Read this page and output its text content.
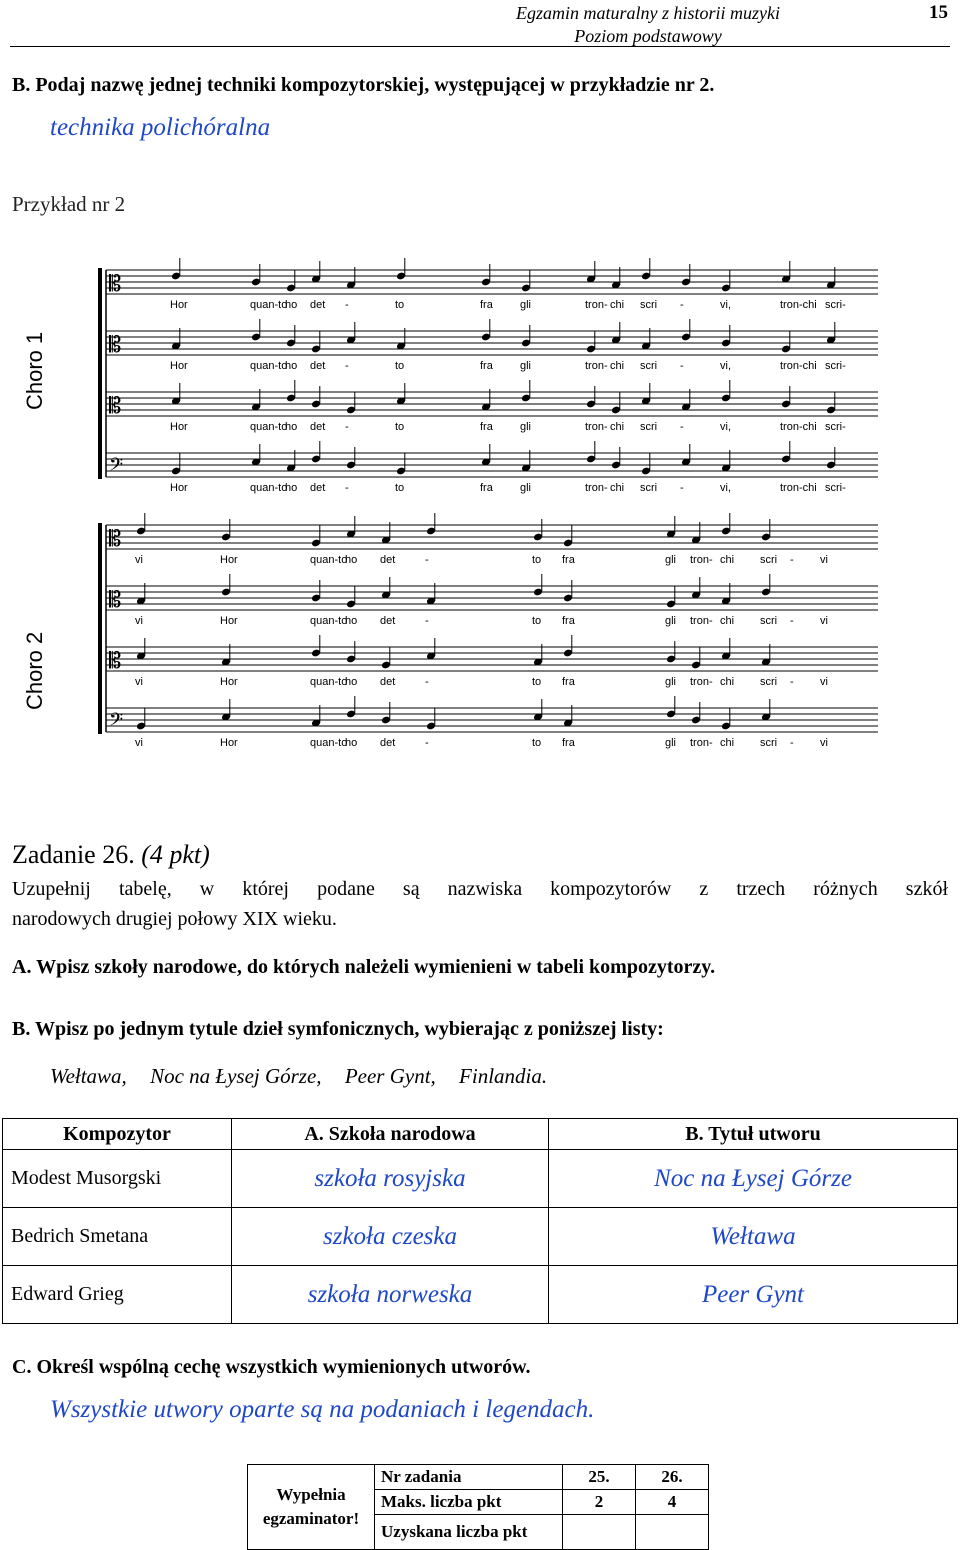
Egzamin maturalny z historii muzyki
Poziom podstawowy
15
B. Podaj nazwę jednej techniki kompozytorskiej, występującej w przykładzie nr 2.
technika polichóralna
Przykład nr 2
Choro 1
Choro 2
𝄡
𝄡
𝄡
𝄢
𝄡
𝄡
𝄡
𝄢
Hor	quan-to
ho det -	to	fra gli	tron- chi scri -	vi,	tron-chi scri-
Hor	quan-to
ho det -	to	fra gli	tron- chi scri -	vi,	tron-chi scri-
Hor	quan-to
ho det -	to	fra gli	tron- chi scri -	vi,	tron-chi scri-
Hor	quan-to
ho det -	to	fra gli	tron- chi scri -	vi,	tron-chi scri-
vi	Hor	quan-to
ho det	-	to fra	gli tron- chi scri - vi
vi	Hor	quan-to
ho det	-	to fra	gli tron- chi scri - vi
vi	Hor	quan-to
ho det	-	to fra	gli tron- chi scri - vi
vi	Hor	quan-to
ho det	-	to fra	gli tron- chi scri - vi
Zadanie 26. (4 pkt)
Uzupełnij tabelę, w której podane są nazwiska kompozytorów z trzech różnych szkół
narodowych drugiej połowy XIX wieku.
A. Wpisz szkoły narodowe, do których należeli wymienieni w tabeli kompozytorzy.
B. Wpisz po jednym tytule dzieł symfonicznych, wybierając z poniższej listy:
Wełtawa, Noc na Łysej Górze, Peer Gynt, Finlandia.
Kompozytor	A. Szkoła narodowa	B. Tytuł utworu
Modest Musorgski	szkoła rosyjska	Noc na Łysej Górze
Bedrich Smetana	szkoła czeska	Wełtawa
Edward Grieg	szkoła norweska	Peer Gynt
C. Określ wspólną cechę wszystkich wymienionych utworów.
Wszystkie utwory oparte są na podaniach i legendach.
Wypełnia egzaminator!	Nr zadania	25.	26.
	Maks. liczba pkt	2	4
	Uzyskana liczba pkt		
